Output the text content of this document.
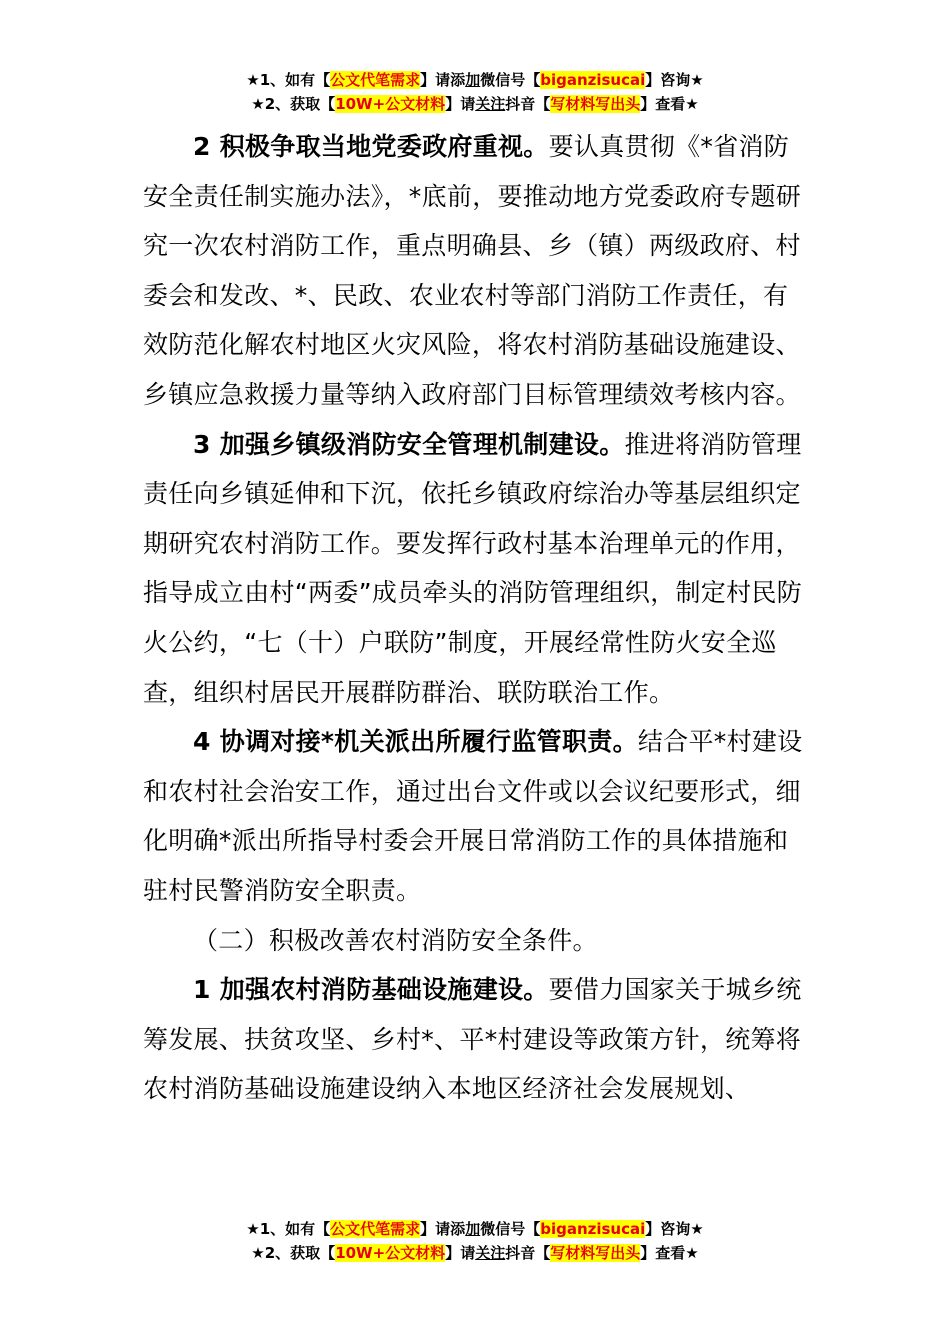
★1、如有【公文代笔需求】请添加微信号【biganzisucai】咨询★
★2、获取【10W+公文材料】请关注抖音【写材料写出头】查看★

2 积极争取当地党委政府重视。要认真贯彻《*省消防安全责任制实施办法》，*底前，要推动地方党委政府专题研究一次农村消防工作，重点明确县、乡（镇）两级政府、村委会和发改、*、民政、农业农村等部门消防工作责任，有效防范化解农村地区火灾风险，将农村消防基础设施建设、乡镇应急救援力量等纳入政府部门目标管理绩效考核内容。

3 加强乡镇级消防安全管理机制建设。推进将消防管理责任向乡镇延伸和下沉，依托乡镇政府综治办等基层组织定期研究农村消防工作。要发挥行政村基本治理单元的作用，指导成立由村“两委”成员牵头的消防管理组织，制定村民防火公约，“七（十）户联防”制度，开展经常性防火安全巡查，组织村居民开展群防群治、联防联治工作。

4 协调对接*机关派出所履行监管职责。结合平*村建设和农村社会治安工作，通过出台文件或以会议纪要形式，细化明确*派出所指导村委会开展日常消防工作的具体措施和驻村民警消防安全职责。

（二）积极改善农村消防安全条件。

1 加强农村消防基础设施建设。要借力国家关于城乡统筹发展、扶贫攻坚、乡村*、平*村建设等政策方针，统筹将农村消防基础设施建设纳入本地区经济社会发展规划、

★1、如有【公文代笔需求】请添加微信号【biganzisucai】咨询★
★2、获取【10W+公文材料】请关注抖音【写材料写出头】查看★
